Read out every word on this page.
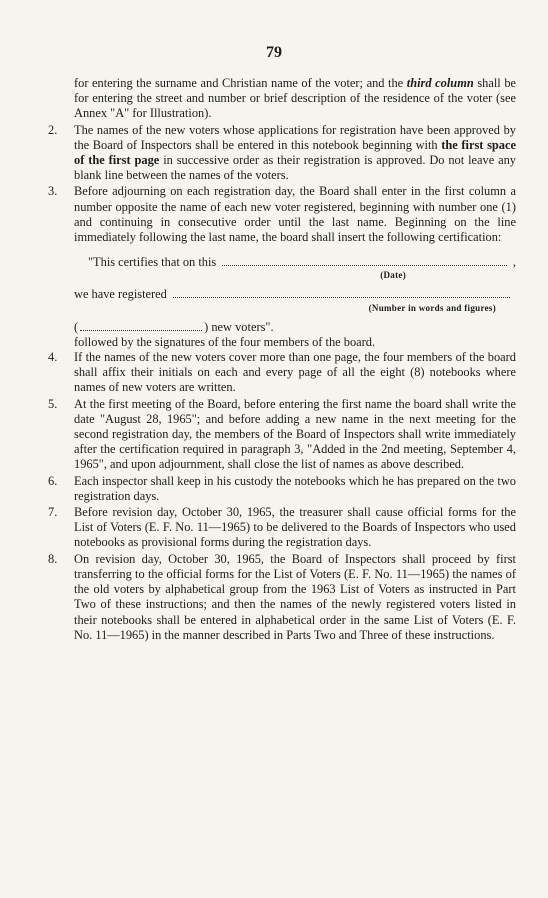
79

for entering the surname and Christian name of the voter; and the third column shall be for entering the street and number or brief description of the residence of the voter (see Annex "A" for Illustration).

2. The names of the new voters whose applications for registration have been approved by the Board of Inspectors shall be entered in this notebook beginning with the first space of the first page in successive order as their registration is approved. Do not leave any blank line between the names of the voters.
3. Before adjourning on each registration day, the Board shall enter in the first column a number opposite the name of each new voter registered, beginning with number one (1) and continuing in consecutive order until the last name. Beginning on the line immediately following the last name, the board shall insert the following certification:
"This certifies that on this	,
(Date)
we have registered
(Number in words and figures)
(	) new voters".
followed by the signatures of the four members of the board.
4. If the names of the new voters cover more than one page, the four members of the board shall affix their initials on each and every page of all the eight (8) notebooks where names of new voters are written.
5. At the first meeting of the Board, before entering the first name the board shall write the date "August 28, 1965"; and before adding a new name in the next meeting for the second registration day, the members of the Board of Inspectors shall write immediately after the certification required in paragraph 3, "Added in the 2nd meeting, September 4, 1965", and upon adjournment, shall close the list of names as above described.
6. Each inspector shall keep in his custody the notebooks which he has prepared on the two registration days.
7. Before revision day, October 30, 1965, the treasurer shall cause official forms for the List of Voters (E. F. No. 11—1965) to be delivered to the Boards of Inspectors who used notebooks as provisional forms during the registration days.
8. On revision day, October 30, 1965, the Board of Inspectors shall proceed by first transferring to the official forms for the List of Voters (E. F. No. 11—1965) the names of the old voters by alphabetical group from the 1963 List of Voters as instructed in Part Two of these instructions; and then the names of the newly registered voters listed in their notebooks shall be entered in alphabetical order in the same List of Voters (E. F. No. 11—1965) in the manner described in Parts Two and Three of these instructions.
